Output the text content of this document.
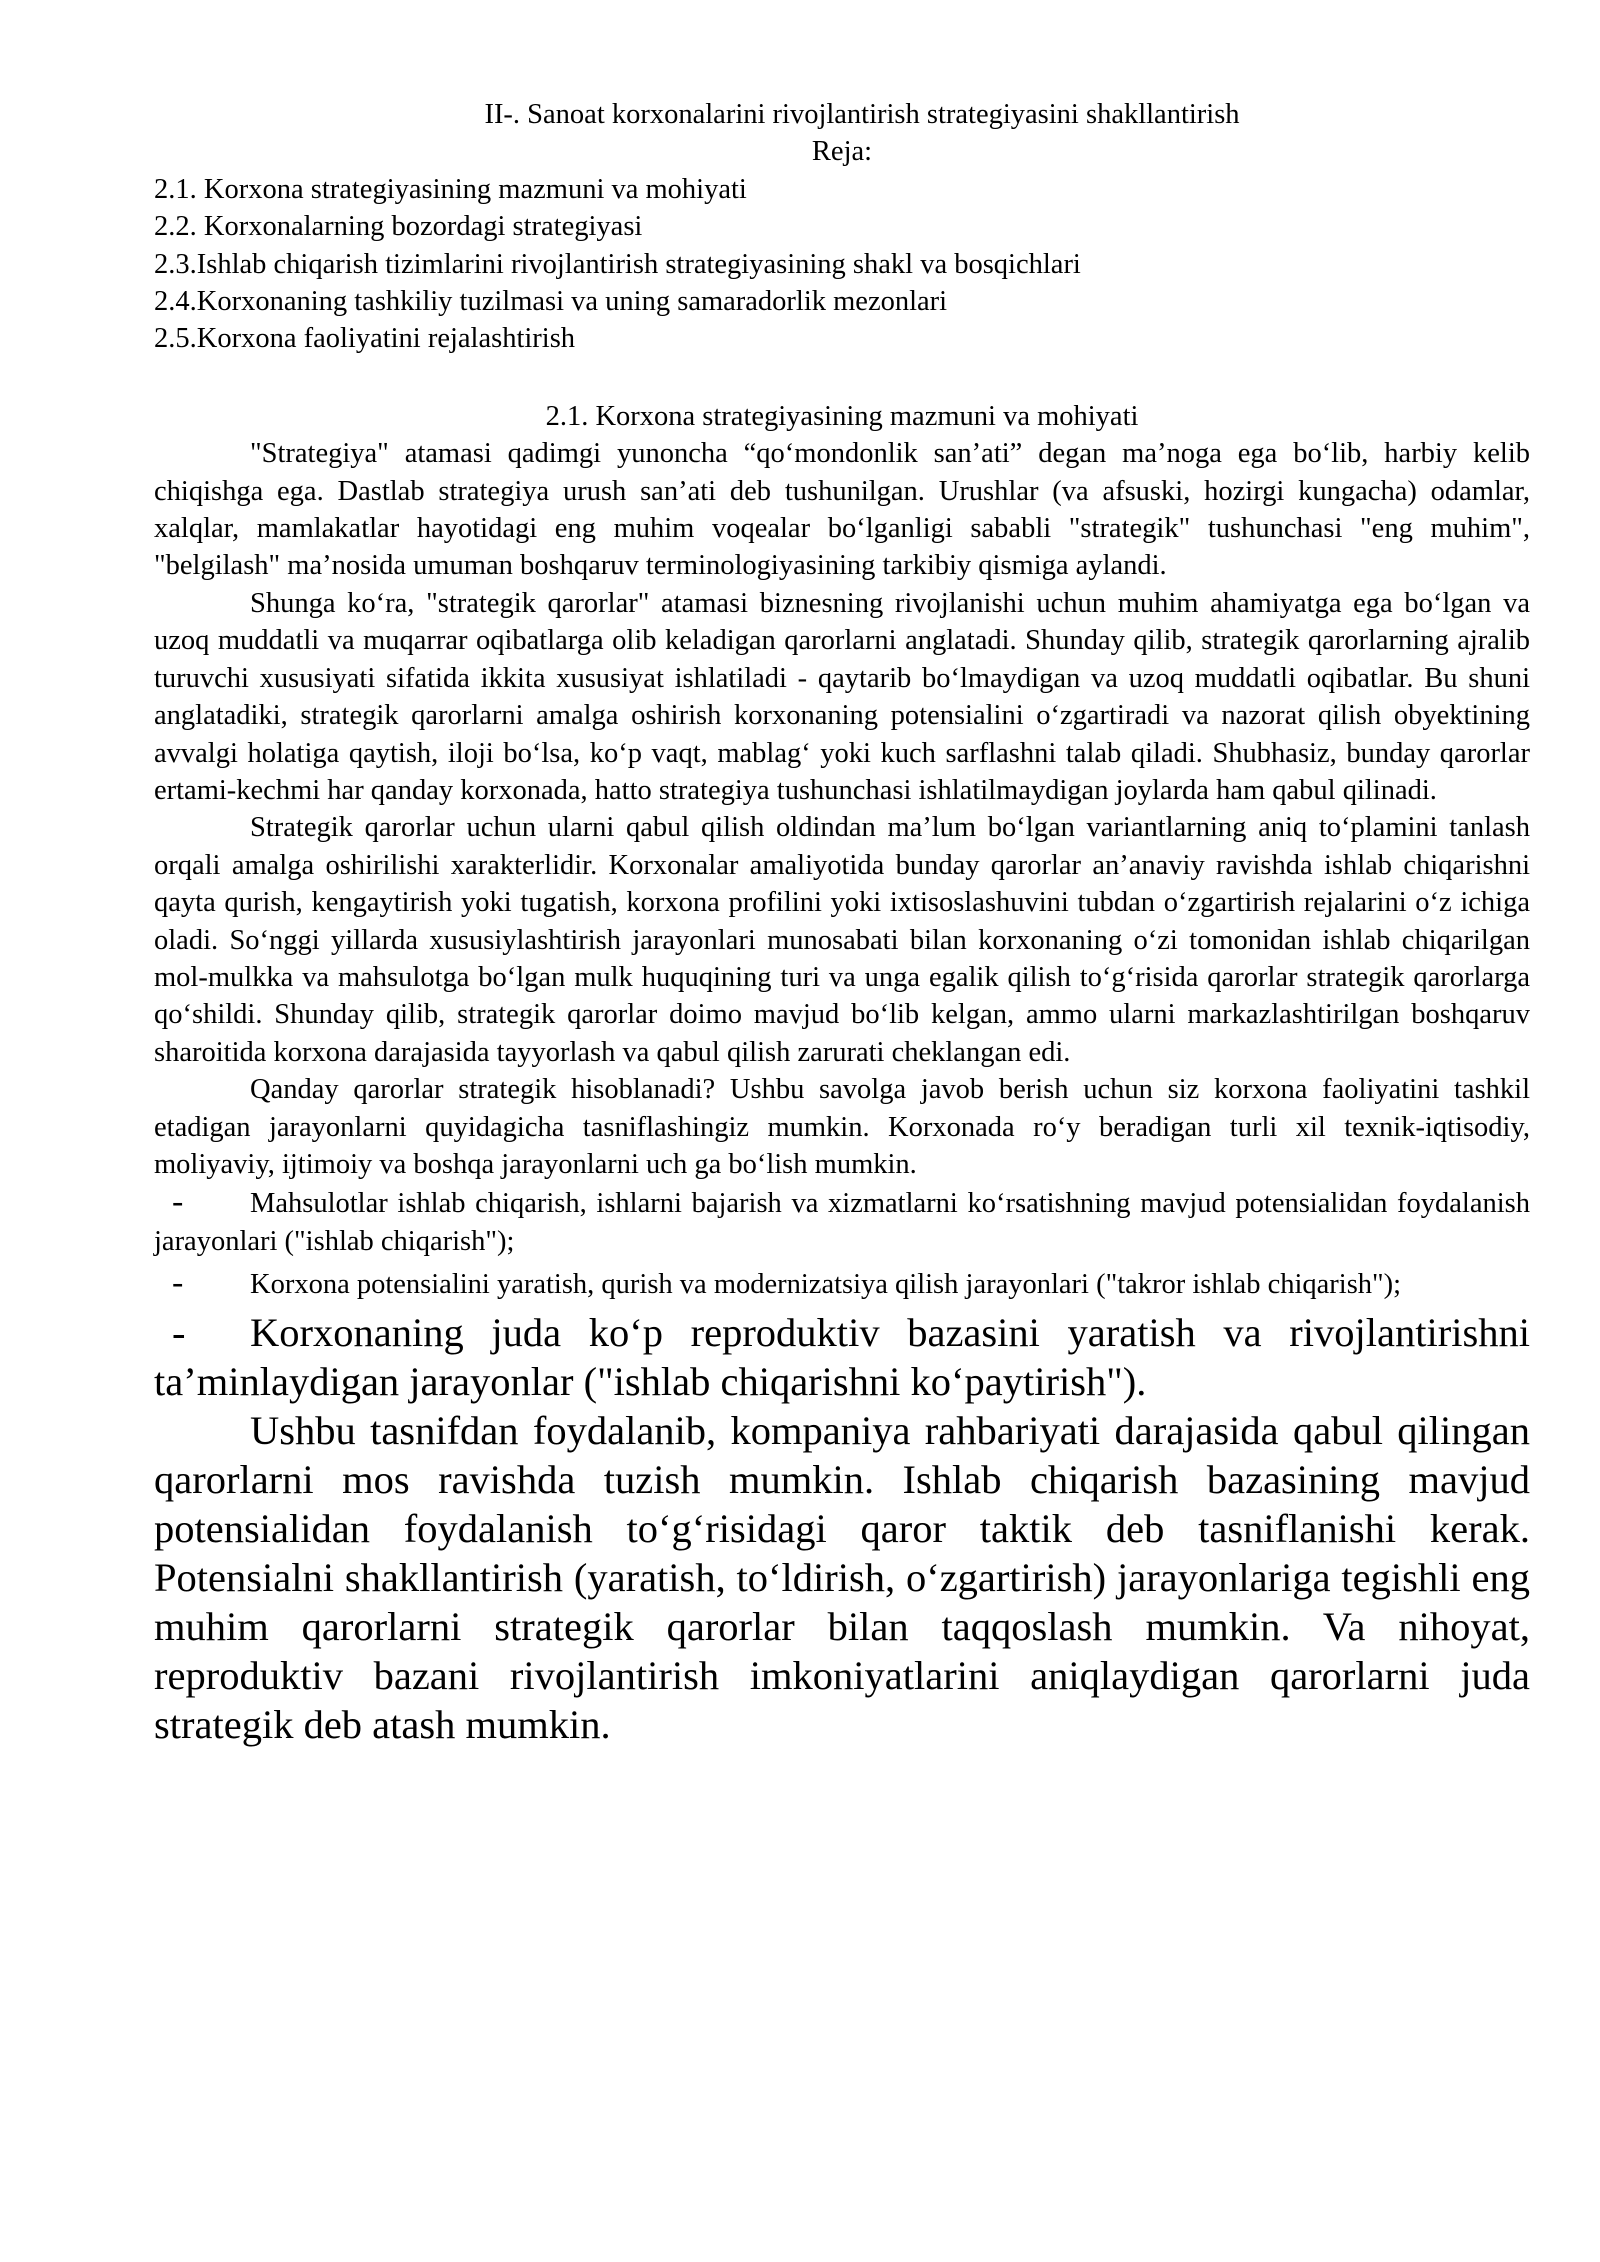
II-. Sanoat korxonalarini rivojlantirish strategiyasini shakllantirish

Reja:

2.1. Korxona strategiyasining mazmuni va mohiyati
2.2. Korxonalarning bozordagi strategiyasi
2.3.Ishlab chiqarish tizimlarini rivojlantirish strategiyasining shakl va bosqichlari
2.4.Korxonaning tashkiliy tuzilmasi va uning samaradorlik mezonlari
2.5.Korxona faoliyatini rejalashtirish

2.1. Korxona strategiyasining mazmuni va mohiyati

"Strategiya" atamasi qadimgi yunoncha “qo‘mondonlik san’ati” degan ma’noga ega bo‘lib, harbiy kelib chiqishga ega. Dastlab strategiya urush san’ati deb tushunilgan. Urushlar (va afsuski, hozirgi kungacha) odamlar, xalqlar, mamlakatlar hayotidagi eng muhim voqealar bo‘lganligi sababli "strategik" tushunchasi "eng muhim", "belgilash" ma’nosida umuman boshqaruv terminologiyasining tarkibiy qismiga aylandi.

Shunga ko‘ra, "strategik qarorlar" atamasi biznesning rivojlanishi uchun muhim ahamiyatga ega bo‘lgan va uzoq muddatli va muqarrar oqibatlarga olib keladigan qarorlarni anglatadi. Shunday qilib, strategik qarorlarning ajralib turuvchi xususiyati sifatida ikkita xususiyat ishlatiladi - qaytarib bo‘lmaydigan va uzoq muddatli oqibatlar. Bu shuni anglatadiki, strategik qarorlarni amalga oshirish korxonaning potensialini o‘zgartiradi va nazorat qilish obyektining avvalgi holatiga qaytish, iloji bo‘lsa, ko‘p vaqt, mablag‘ yoki kuch sarflashni talab qiladi. Shubhasiz, bunday qarorlar ertami-kechmi har qanday korxonada, hatto strategiya tushunchasi ishlatilmaydigan joylarda ham qabul qilinadi.

Strategik qarorlar uchun ularni qabul qilish oldindan ma’lum bo‘lgan variantlarning aniq to‘plamini tanlash orqali amalga oshirilishi xarakterlidir. Korxonalar amaliyotida bunday qarorlar an’anaviy ravishda ishlab chiqarishni qayta qurish, kengaytirish yoki tugatish, korxona profilini yoki ixtisoslashuvini tubdan o‘zgartirish rejalarini o‘z ichiga oladi. So‘nggi yillarda xususiylashtirish jarayonlari munosabati bilan korxonaning o‘zi tomonidan ishlab chiqarilgan mol-mulkka va mahsulotga bo‘lgan mulk huquqining turi va unga egalik qilish to‘g‘risida qarorlar strategik qarorlarga qo‘shildi. Shunday qilib, strategik qarorlar doimo mavjud bo‘lib kelgan, ammo ularni markazlashtirilgan boshqaruv sharoitida korxona darajasida tayyorlash va qabul qilish zarurati cheklangan edi.

Qanday qarorlar strategik hisoblanadi? Ushbu savolga javob berish uchun siz korxona faoliyatini tashkil etadigan jarayonlarni quyidagicha tasniflashingiz mumkin. Korxonada ro‘y beradigan turli xil texnik-iqtisodiy, moliyaviy, ijtimoiy va boshqa jarayonlarni uch ga bo‘lish mumkin.

- Mahsulotlar ishlab chiqarish, ishlarni bajarish va xizmatlarni ko‘rsatishning mavjud potensialidan foydalanish jarayonlari ("ishlab chiqarish");
- Korxona potensialini yaratish, qurish va modernizatsiya qilish jarayonlari ("takror ishlab chiqarish");
- Korxonaning juda ko‘p reproduktiv bazasini yaratish va rivojlantirishni ta’minlaydigan jarayonlar ("ishlab chiqarishni ko‘paytirish").

Ushbu tasnifdan foydalanib, kompaniya rahbariyati darajasida qabul qilingan qarorlarni mos ravishda tuzish mumkin. Ishlab chiqarish bazasining mavjud potensialidan foydalanish to‘g‘risidagi qaror taktik deb tasniflanishi kerak. Potensialni shakllantirish (yaratish, to‘ldirish, o‘zgartirish) jarayonlariga tegishli eng muhim qarorlarni strategik qarorlar bilan taqqoslash mumkin. Va nihoyat, reproduktiv bazani rivojlantirish imkoniyatlarini aniqlaydigan qarorlarni juda strategik deb atash mumkin.
